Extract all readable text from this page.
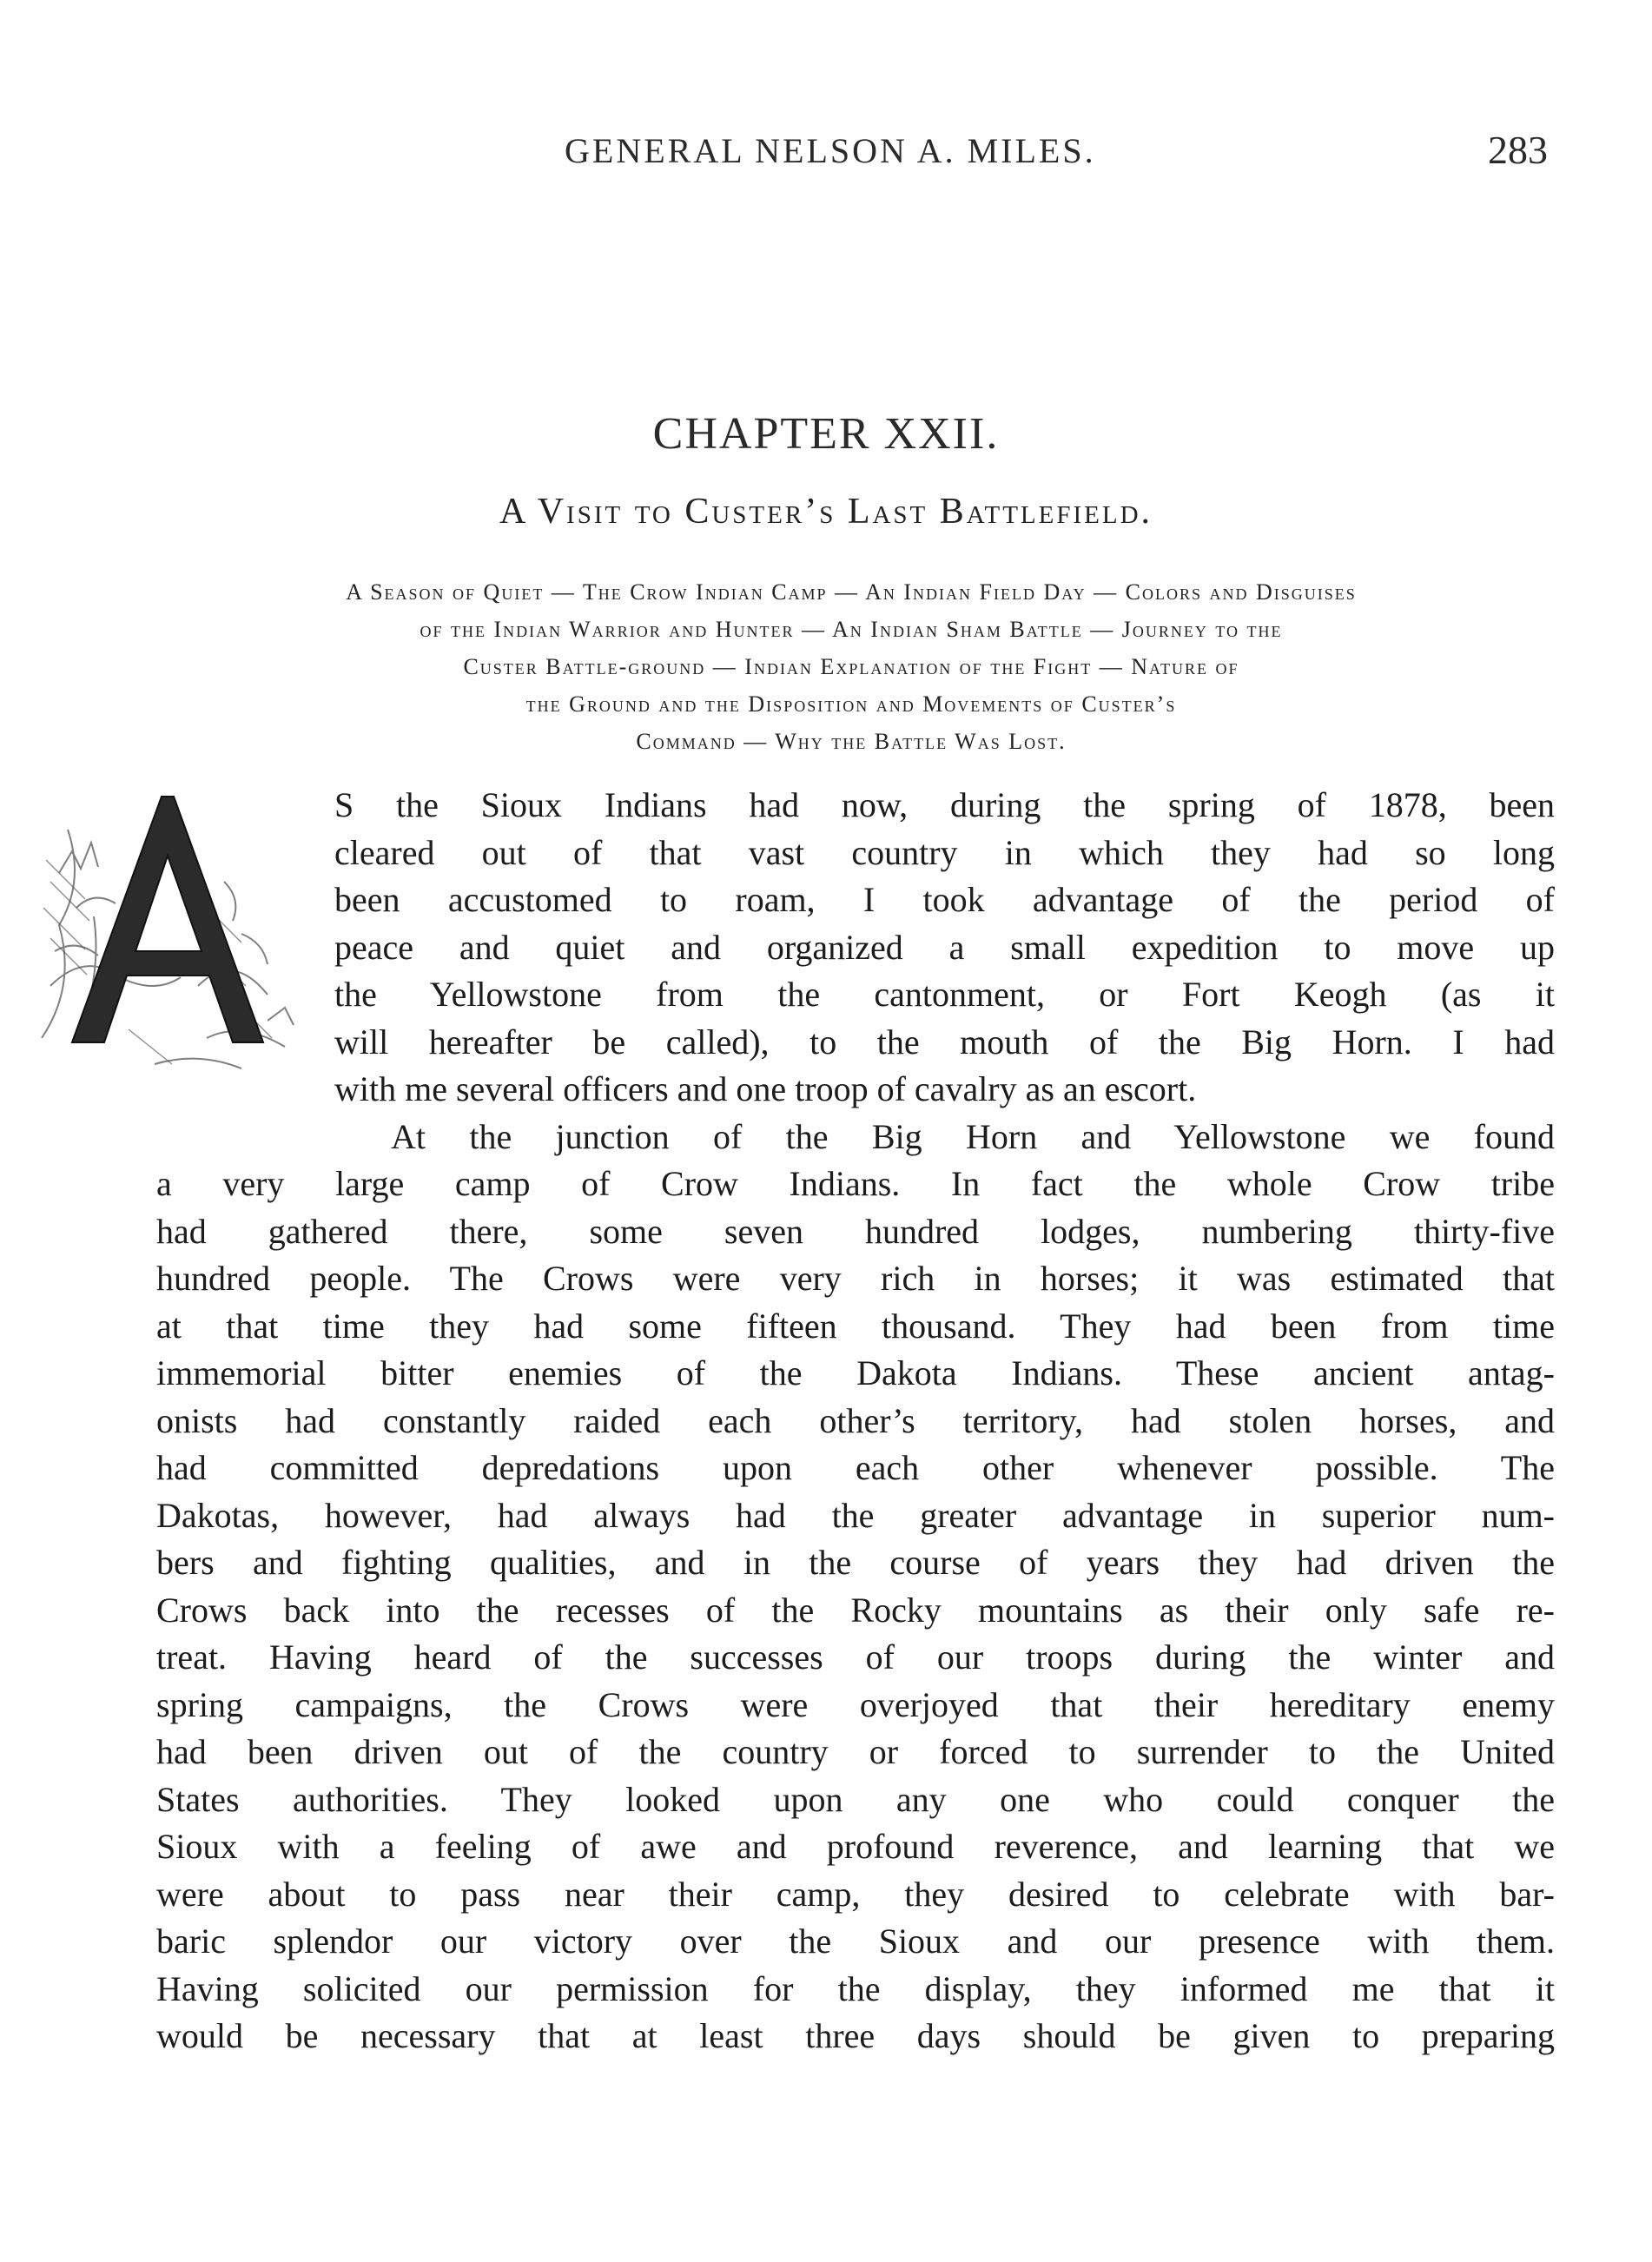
GENERAL NELSON A. MILES.	283
CHAPTER XXII.
A Visit to Custer’s Last Battlefield.
A Season of Quiet — The Crow Indian Camp — An Indian Field Day — Colors and Disguises
of the Indian Warrior and Hunter — An Indian Sham Battle — Journey to the
Custer Battle-ground — Indian Explanation of the Fight — Nature of
the Ground and the Disposition and Movements of Custer’s
Command — Why the Battle Was Lost.
A
S the Sioux Indians had now, during the spring of 1878, been
cleared out of that vast country in which they had so long
been accustomed to roam, I took advantage of the period of
peace and quiet and organized a small expedition to move up
the Yellowstone from the cantonment, or Fort Keogh (as it
will hereafter be called), to the mouth of the Big Horn. I had
with me several officers and one troop of cavalry as an escort.
At the junction of the Big Horn and Yellowstone we found
a very large camp of Crow Indians. In fact the whole Crow tribe
had gathered there, some seven hundred lodges, numbering thirty-five
hundred people. The Crows were very rich in horses; it was estimated that
at that time they had some fifteen thousand. They had been from time
immemorial bitter enemies of the Dakota Indians. These ancient antag-
onists had constantly raided each other’s territory, had stolen horses, and
had committed depredations upon each other whenever possible. The
Dakotas, however, had always had the greater advantage in superior num-
bers and fighting qualities, and in the course of years they had driven the
Crows back into the recesses of the Rocky mountains as their only safe re-
treat. Having heard of the successes of our troops during the winter and
spring campaigns, the Crows were overjoyed that their hereditary enemy
had been driven out of the country or forced to surrender to the United
States authorities. They looked upon any one who could conquer the
Sioux with a feeling of awe and profound reverence, and learning that we
were about to pass near their camp, they desired to celebrate with bar-
baric splendor our victory over the Sioux and our presence with them.
Having solicited our permission for the display, they informed me that it
would be necessary that at least three days should be given to preparing
